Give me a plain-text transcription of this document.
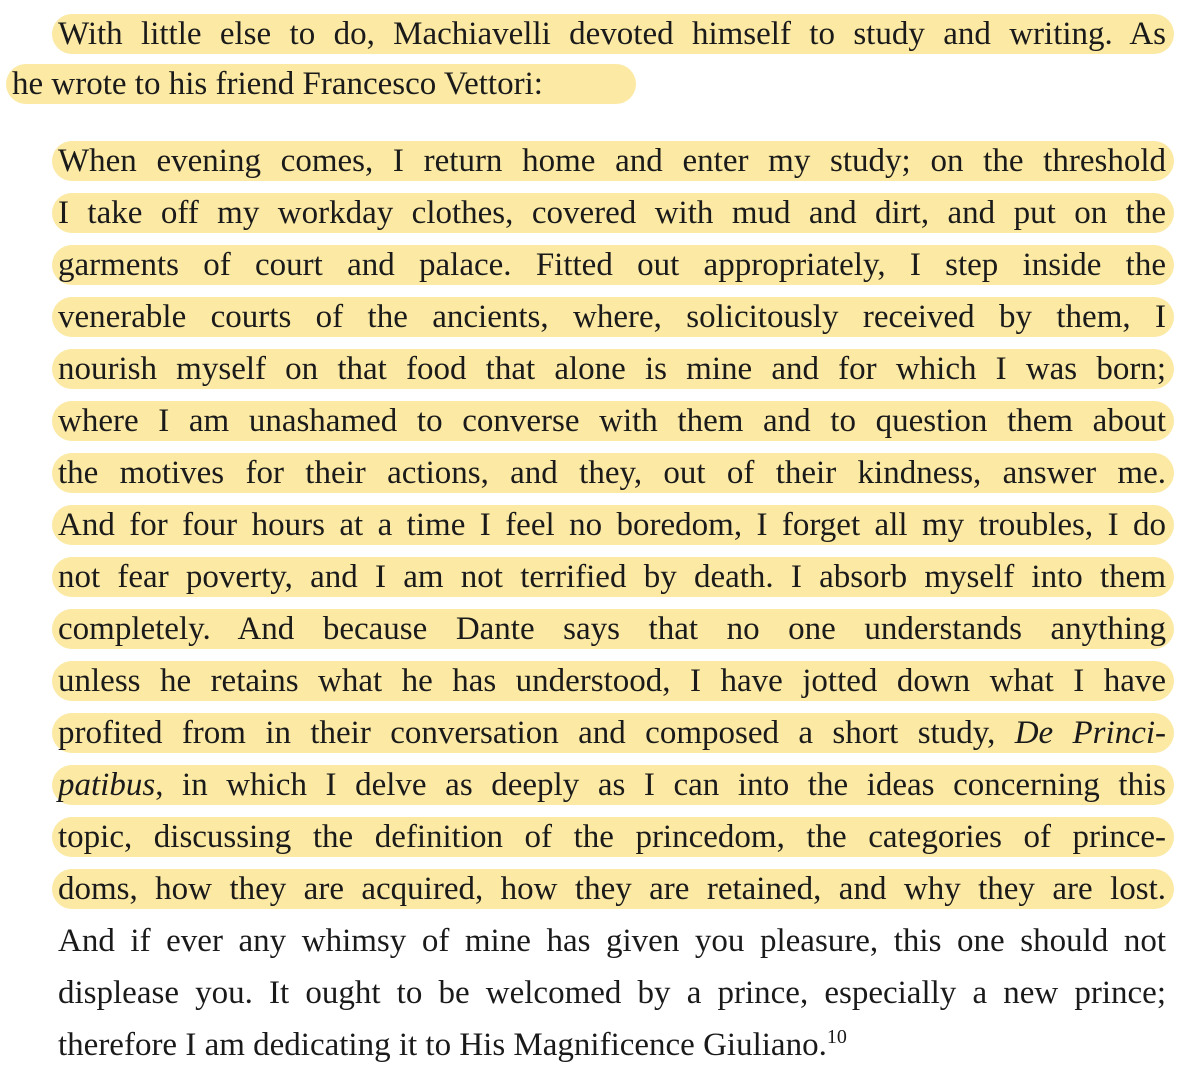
With little else to do, Machiavelli devoted himself to study and writing. As
he wrote to his friend Francesco Vettori:
When evening comes, I return home and enter my study; on the threshold
I take off my workday clothes, covered with mud and dirt, and put on the
garments of court and palace. Fitted out appropriately, I step inside the
venerable courts of the ancients, where, solicitously received by them, I
nourish myself on that food that alone is mine and for which I was born;
where I am unashamed to converse with them and to question them about
the motives for their actions, and they, out of their kindness, answer me.
And for four hours at a time I feel no boredom, I forget all my troubles, I do
not fear poverty, and I am not terrified by death. I absorb myself into them
completely. And because Dante says that no one understands anything
unless he retains what he has understood, I have jotted down what I have
profited from in their conversation and composed a short study, De Princi-
patibus, in which I delve as deeply as I can into the ideas concerning this
topic, discussing the definition of the princedom, the categories of prince-
doms, how they are acquired, how they are retained, and why they are lost.
And if ever any whimsy of mine has given you pleasure, this one should not
displease you. It ought to be welcomed by a prince, especially a new prince;
therefore I am dedicating it to His Magnificence Giuliano.$^{10}$
